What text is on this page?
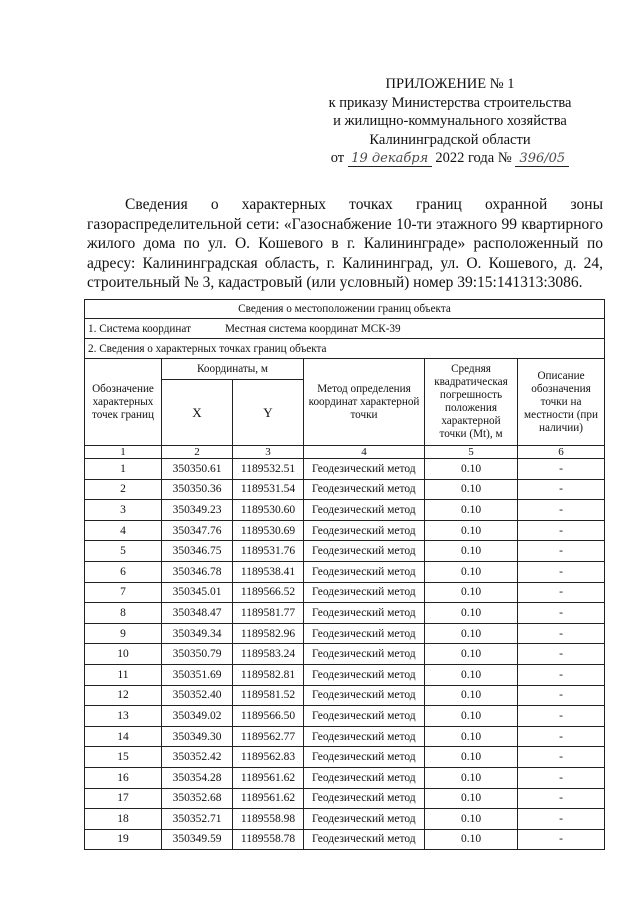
ПРИЛОЖЕНИЕ № 1
к приказу Министерства строительства
и жилищно-коммунального хозяйства
Калининградской области
от 19 декабря 2022 года № 396/05

Сведения о характерных точках границ охранной зоны газораспределительной сети: «Газоснабжение 10-ти этажного 99 квартирного жилого дома по ул. О. Кошевого в г. Калининграде» расположенный по адресу: Калининградская область, г. Калининград, ул. О. Кошевого, д. 24, строительный № 3, кадастровый (или условный) номер 39:15:141313:3086.

Сведения о местоположении границ объекта					
1. Система координат Местная система координат МСК-39					
2. Сведения о характерных точках границ объекта					
Обозначение характерных точек границ	Координаты, м		Метод определения координат характерной точки	Средняя квадратическая погрешность положения характерной точки (Mt), м	Описание обозначения точки на местности (при наличии)
	X	Y			
1	2	3	4	5	6
1	350350.61	1189532.51	Геодезический метод	0.10	-
2	350350.36	1189531.54	Геодезический метод	0.10	-
3	350349.23	1189530.60	Геодезический метод	0.10	-
4	350347.76	1189530.69	Геодезический метод	0.10	-
5	350346.75	1189531.76	Геодезический метод	0.10	-
6	350346.78	1189538.41	Геодезический метод	0.10	-
7	350345.01	1189566.52	Геодезический метод	0.10	-
8	350348.47	1189581.77	Геодезический метод	0.10	-
9	350349.34	1189582.96	Геодезический метод	0.10	-
10	350350.79	1189583.24	Геодезический метод	0.10	-
11	350351.69	1189582.81	Геодезический метод	0.10	-
12	350352.40	1189581.52	Геодезический метод	0.10	-
13	350349.02	1189566.50	Геодезический метод	0.10	-
14	350349.30	1189562.77	Геодезический метод	0.10	-
15	350352.42	1189562.83	Геодезический метод	0.10	-
16	350354.28	1189561.62	Геодезический метод	0.10	-
17	350352.68	1189561.62	Геодезический метод	0.10	-
18	350352.71	1189558.98	Геодезический метод	0.10	-
19	350349.59	1189558.78	Геодезический метод	0.10	-
